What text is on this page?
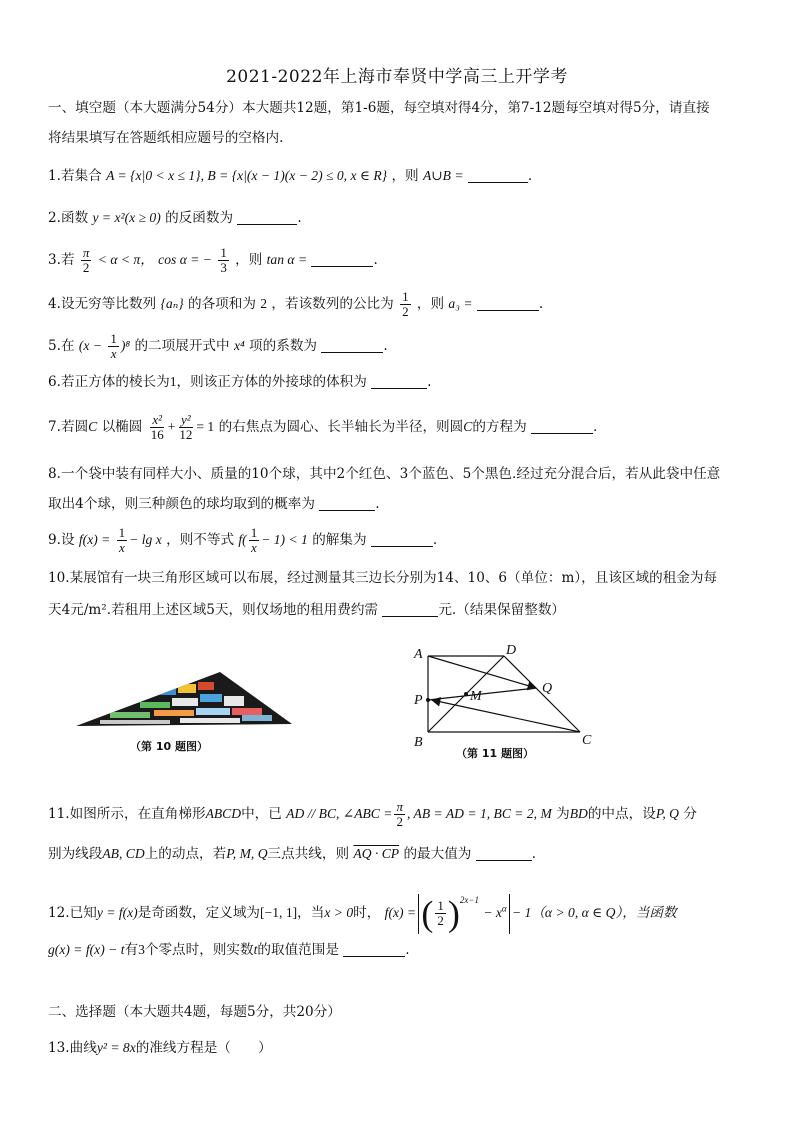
2021-2022年上海市奉贤中学高三上开学考
一、填空题（本大题满分54分）本大题共12题，第1-6题，每空填对得4分，第7-12题每空填对得5分，请直接
将结果填写在答题纸相应题号的空格内.
1.若集合 A = {x|0 < x ≤ 1}, B = {x|(x − 1)(x − 2) ≤ 0, x ∈ R} ，则 A∪B =	.
2.函数 y = x²(x ≥ 0) 的反函数为	.
3.若 $\frac{\pi}{2} < \alpha < \pi$， cos α = − $\frac{1}{3}$ ，则 tan α =	.
4.设无穷等比数列 {aₙ} 的各项和为 2 ，若该数列的公比为 $\frac{1}{2}$ ，则 a₃ =	.
5.在 $(x - \frac{1}{x} )^8$ 的二项展开式中 x⁴ 项的系数为	.
6.若正方体的棱长为1，则该正方体的外接球的体积为	.
7.若圆C 以椭圆 $\frac{\text{x²}}{16} + \frac{\text{y²}}{12} = 1$ 的右焦点为圆心、长半轴长为半径，则圆C的方程为	.
8.一个袋中装有同样大小、质量的10个球，其中2个红色、3个蓝色、5个黑色.经过充分混合后，若从此袋中任意
取出4个球，则三种颜色的球均取到的概率为	.
9.设 $f(x) = \frac{1}{x} - \lg x$ ，则不等式 $f( \frac{1}{x} - 1) < 1$ 的解集为	.
10.某展馆有一块三角形区域可以布展，经过测量其三边长分别为14、10、6（单位：m），且该区域的租金为每
天4元/m².若租用上述区域5天，则仅场地的租用费约需	元.（结果保留整数）
（第 10 题图）
A	D
B	C
P
Q
M
（第 11 题图）
11.如图所示，在直角梯形ABCD中，已 AD // BC, ∠ABC = $\frac{\pi}{2}$ , AB = AD = 1, BC = 2, M 为BD的中点，设P, Q 分
别为线段AB, CD上的动点，若P, M, Q三点共线，则 AQ · CP 的最大值为	.
12.已知y = f(x)是奇函数，定义域为[−1, 1]，当x > 0时， f(x) = ( $\frac{1}{2} )^{2x-1} - x^\alpha - 1(\alpha > 0$, α ∈ Q），当函数
g(x) = f(x) − t有3个零点时，则实数t的取值范围是	.
二、选择题（本大题共4题，每题5分，共20分）
13.曲线y² = 8x的准线方程是（　　）
